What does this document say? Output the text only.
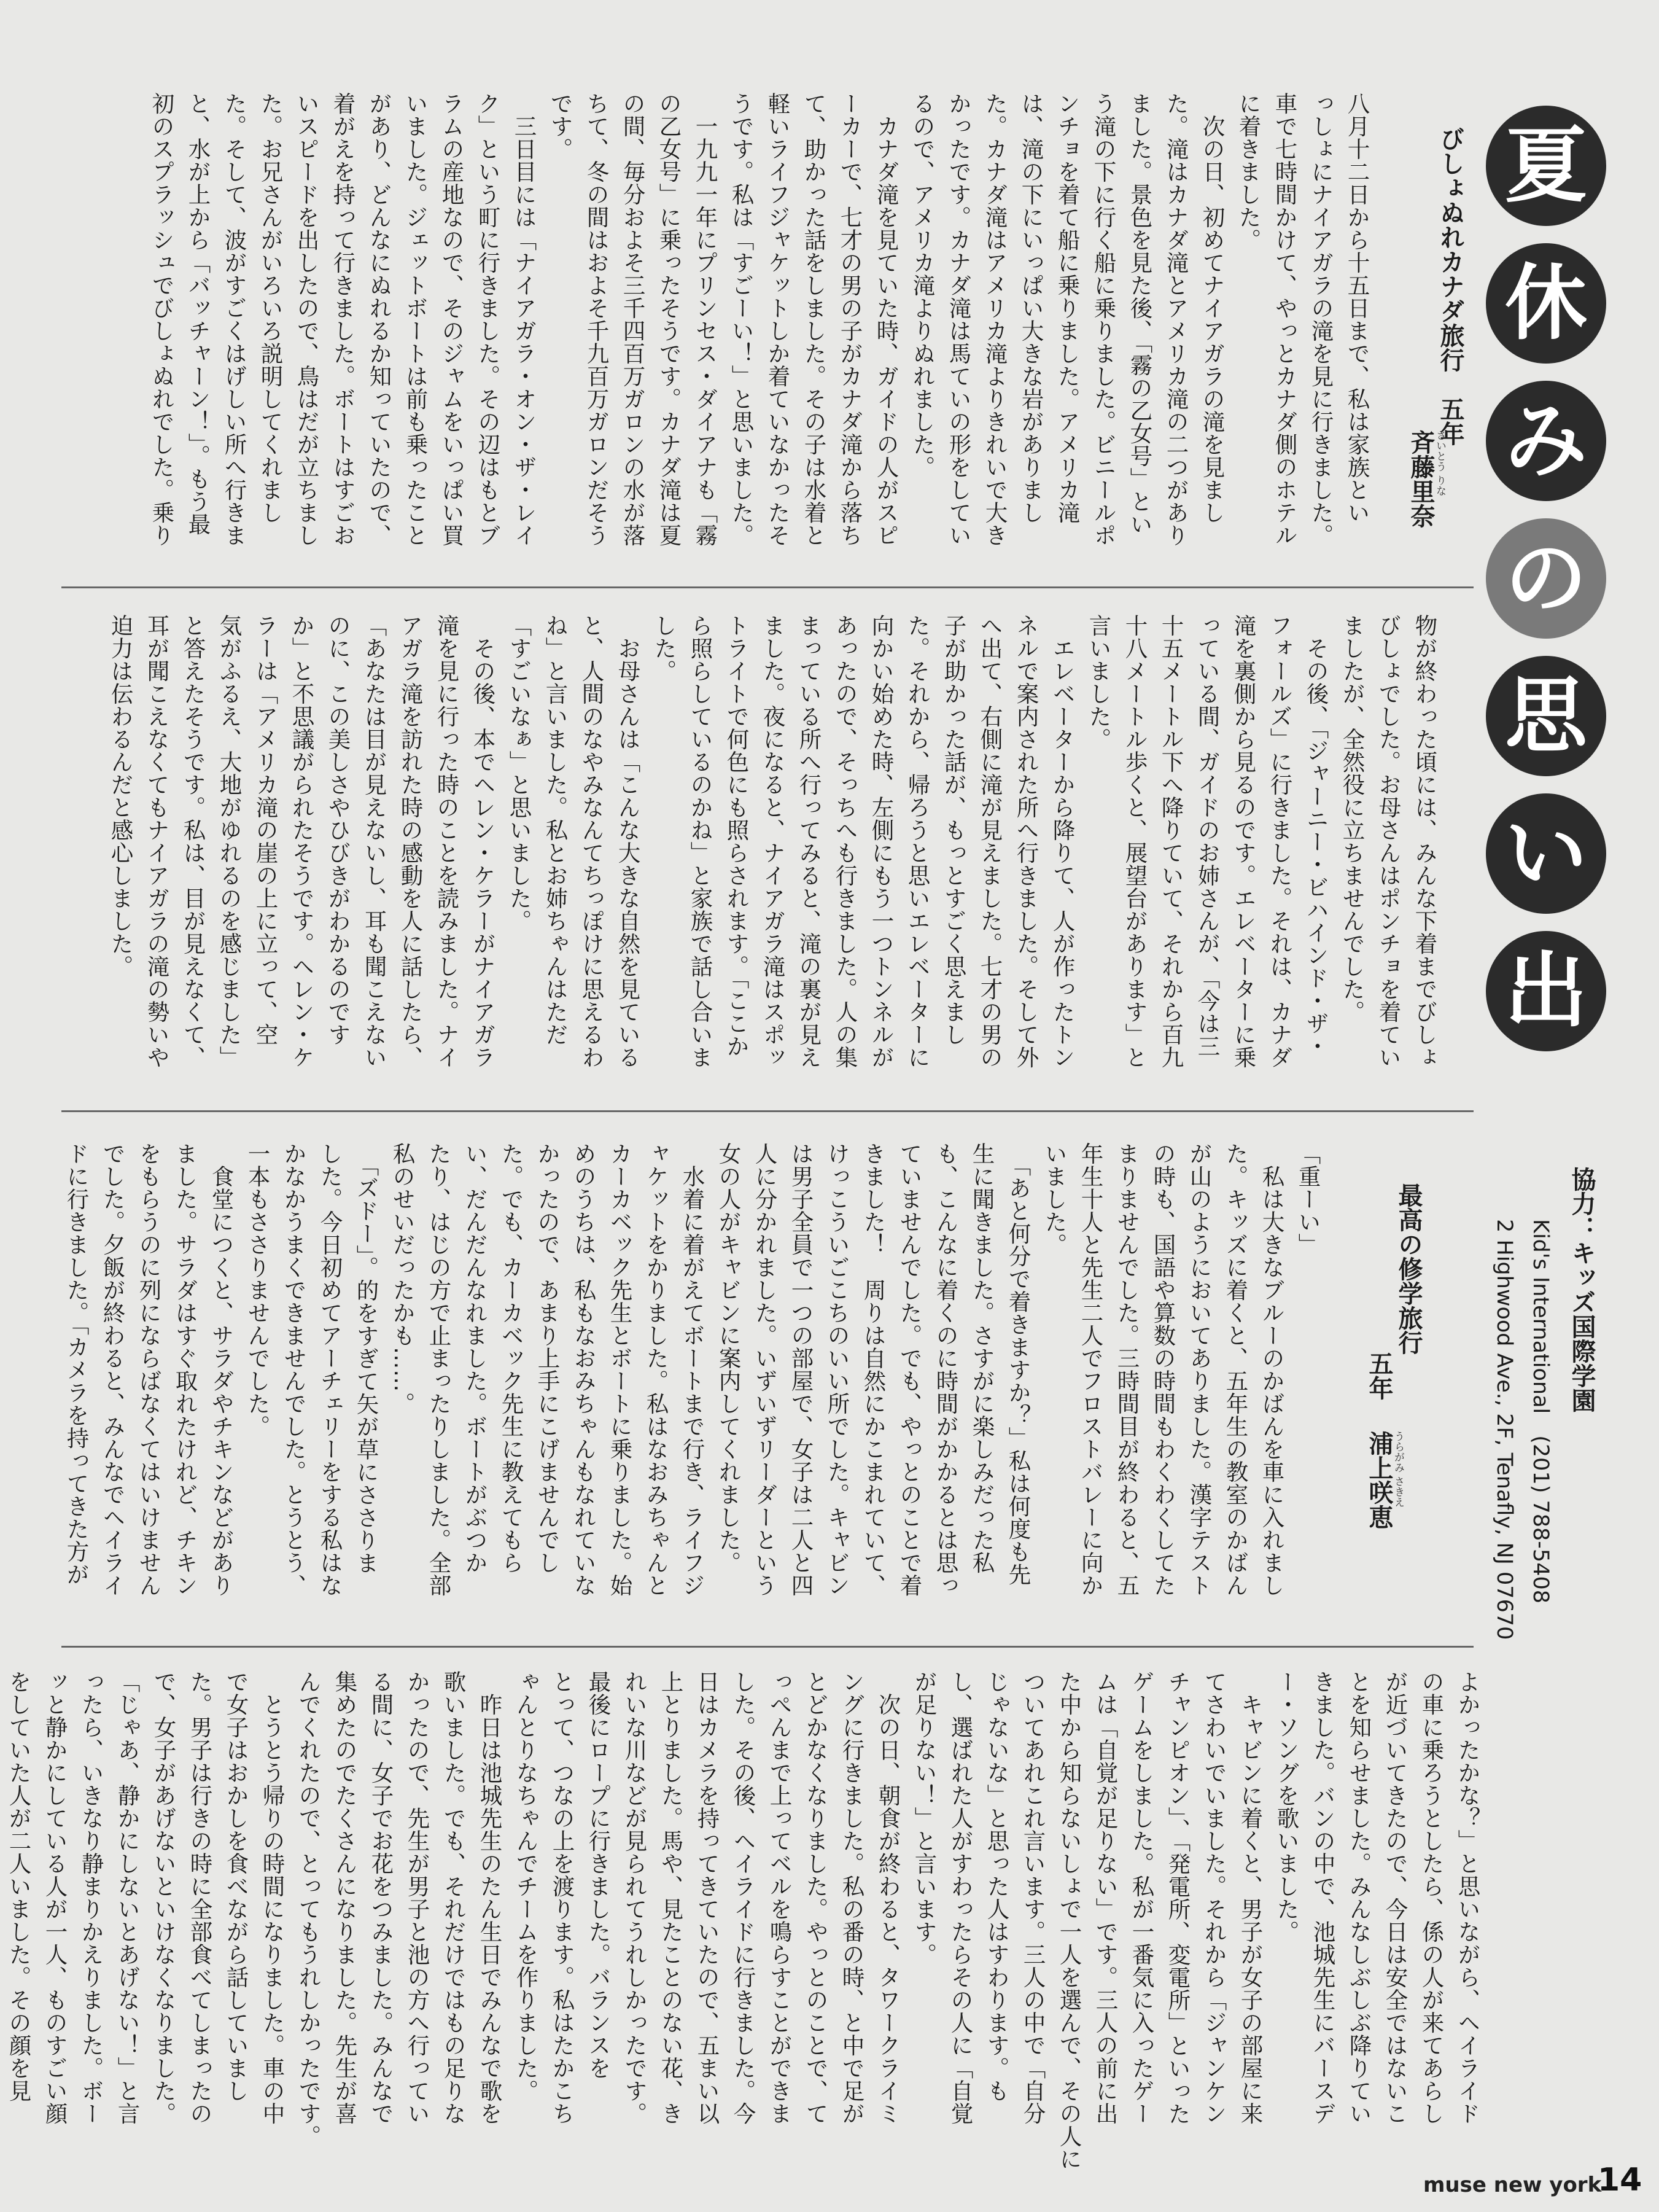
夏
休
み
の
思
い
出
協力：キッズ国際学園
Kid's International　(201) 788-5408
2 Highwood Ave., 2F, Tenafly, NJ 07670

びしょぬれカナダ旅行　五年

斉藤里奈
さいとう りな
八月十二日から十五日まで、私は家族とい
っしょにナイアガラの滝を見に行きました。
車で七時間かけて、やっとカナダ側のホテル
に着きました。
　次の日、初めてナイアガラの滝を見まし
た。滝はカナダ滝とアメリカ滝の二つがあり
ました。景色を見た後、「霧の乙女号」とい
う滝の下に行く船に乗りました。ビニールポ
ンチョを着て船に乗りました。アメリカ滝
は、滝の下にいっぱい大きな岩がありまし
た。カナダ滝はアメリカ滝よりきれいで大き
かったです。カナダ滝は馬ていの形をしてい
るので、アメリカ滝よりぬれました。
　カナダ滝を見ていた時、ガイドの人がスピ
ーカーで、七才の男の子がカナダ滝から落ち
て、助かった話をしました。その子は水着と
軽いライフジャケットしか着ていなかったそ
うです。私は「すごーい！」と思いました。
　一九九一年にプリンセス・ダイアナも「霧
の乙女号」に乗ったそうです。カナダ滝は夏
の間、毎分およそ三千四百万ガロンの水が落
ちて、冬の間はおよそ千九百万ガロンだそう
です。
　三日目には「ナイアガラ・オン・ザ・レイ
ク」という町に行きました。その辺はもとブ
ラムの産地なので、そのジャムをいっぱい買
いました。ジェットボートは前も乗ったこと
があり、どんなにぬれるか知っていたので、
着がえを持って行きました。ボートはすごお
いスピードを出したので、鳥はだが立ちまし
た。お兄さんがいろいろ説明してくれまし
た。そして、波がすごくはげしい所へ行きま
と、水が上から「バッチャーン！」。もう最
初のスプラッシュでびしょぬれでした。乗り
物が終わった頃には、みんな下着までびしょ
びしょでした。お母さんはポンチョを着てい
ましたが、全然役に立ちませんでした。
　その後、「ジャーニー・ビハインド・ザ・
フォールズ」に行きました。それは、カナダ
滝を裏側から見るのです。エレベーターに乗
っている間、ガイドのお姉さんが、「今は三
十五メートル下へ降りていて、それから百九
十八メートル歩くと、展望台があります」と
言いました。
　エレベーターから降りて、人が作ったトン
ネルで案内された所へ行きました。そして外
へ出て、右側に滝が見えました。七才の男の
子が助かった話が、もっとすごく思えまし
た。それから、帰ろうと思いエレベーターに
向かい始めた時、左側にもう一つトンネルが
あったので、そっちへも行きました。人の集
まっている所へ行ってみると、滝の裏が見え
ました。夜になると、ナイアガラ滝はスポッ
トライトで何色にも照らされます。「ここか
ら照らしているのかね」と家族で話し合いま
した。
　お母さんは「こんな大きな自然を見ている
と、人間のなやみなんてちっぽけに思えるわ
ね」と言いました。私とお姉ちゃんはただ
「すごいなぁ」と思いました。
　その後、本でヘレン・ケラーがナイアガラ
滝を見に行った時のことを読みました。ナイ
アガラ滝を訪れた時の感動を人に話したら、
「あなたは目が見えないし、耳も聞こえない
のに、この美しさやひびきがわかるのです
か」と不思議がられたそうです。ヘレン・ケ
ラーは「アメリカ滝の崖の上に立って、空
気がふるえ、大地がゆれるのを感じました」
と答えたそうです。私は、目が見えなくて、
耳が聞こえなくてもナイアガラの滝の勢いや
迫力は伝わるんだと感心しました。

最高の修学旅行

五年
浦上咲恵
うらがみ さきえ
「重ーい」
　私は大きなブルーのかばんを車に入れまし
た。キッズに着くと、五年生の教室のかばん
が山のようにおいてありました。漢字テスト
の時も、国語や算数の時間もわくわくしてた
まりませんでした。三時間目が終わると、五
年生十人と先生二人でフロストバレーに向か
いました。
　「あと何分で着きますか？」私は何度も先
生に聞きました。さすがに楽しみだった私
も、こんなに着くのに時間がかかるとは思っ
ていませんでした。でも、やっとのことで着
きました！　周りは自然にかこまれていて、
けっこういごこちのいい所でした。キャビン
は男子全員で一つの部屋で、女子は二人と四
人に分かれました。いずいずリーダーという
女の人がキャビンに案内してくれました。
　水着に着がえてボートまで行き、ライフジ
ャケットをかりました。私はなおみちゃんと
カーカベック先生とボートに乗りました。始
めのうちは、私もなおみちゃんもなれていな
かったので、あまり上手にこげませんでし
た。でも、カーカベック先生に教えてもら
い、だんだんなれました。ボートがぶつか
たり、はじの方で止まったりしました。全部
私のせいだったかも……。
　「ズドー」。的をすぎて矢が草にささりま
した。今日初めてアーチェリーをする私はな
かなかうまくできませんでした。とうとう、
一本もささりませんでした。
　食堂につくと、サラダやチキンなどがあり
ました。サラダはすぐ取れたけれど、チキン
をもらうのに列にならばなくてはいけません
でした。夕飯が終わると、みんなでヘイライ
ドに行きました。「カメラを持ってきた方が
よかったかな？」と思いながら、ヘイライド
の車に乗ろうとしたら、係の人が来てあらし
が近づいてきたので、今日は安全ではないこ
とを知らせました。みんなしぶしぶ降りてい
きました。バンの中で、池城先生にバースデ
ー・ソングを歌いました。
　キャビンに着くと、男子が女子の部屋に来
てさわいでいました。それから「ジャンケン
チャンピオン」、「発電所、変電所」といった
ゲームをしました。私が一番気に入ったゲー
ムは「自覚が足りない」です。三人の前に出
た中から知らないしょで一人を選んで、その人に
ついてあれこれ言います。三人の中で「自分
じゃないな」と思った人はすわります。も
し、選ばれた人がすわったらその人に「自覚
が足りない！」と言います。
　次の日、朝食が終わると、タワークライミ
ングに行きました。私の番の時、と中で足が
とどかなくなりました。やっとのことで、て
っぺんまで上ってベルを鳴らすことができま
した。その後、ヘイライドに行きました。今
日はカメラを持ってきていたので、五まい以
上とりました。馬や、見たことのない花、き
れいな川などが見られてうれしかったです。
最後にロープに行きました。バランスを
とって、つなの上を渡ります。私はたかこち
ゃんとりなちゃんでチームを作りました。
　昨日は池城先生のたん生日でみんなで歌を
歌いました。でも、それだけではもの足りな
かったので、先生が男子と池の方へ行ってい
る間に、女子でお花をつみました。みんなで
集めたのでたくさんになりました。先生が喜
んでくれたので、とってもうれしかったです。
　とうとう帰りの時間になりました。車の中
で女子はおかしを食べながら話していまし
た。男子は行きの時に全部食べてしまったの
で、女子があげないといけなくなりました。
「じゃあ、静かにしないとあげない！」と言
ったら、いきなり静まりかえりました。ボー
ッと静かにしている人が一人、ものすごい顔
をしていた人が二人いました。その顔を見

muse new york
14
